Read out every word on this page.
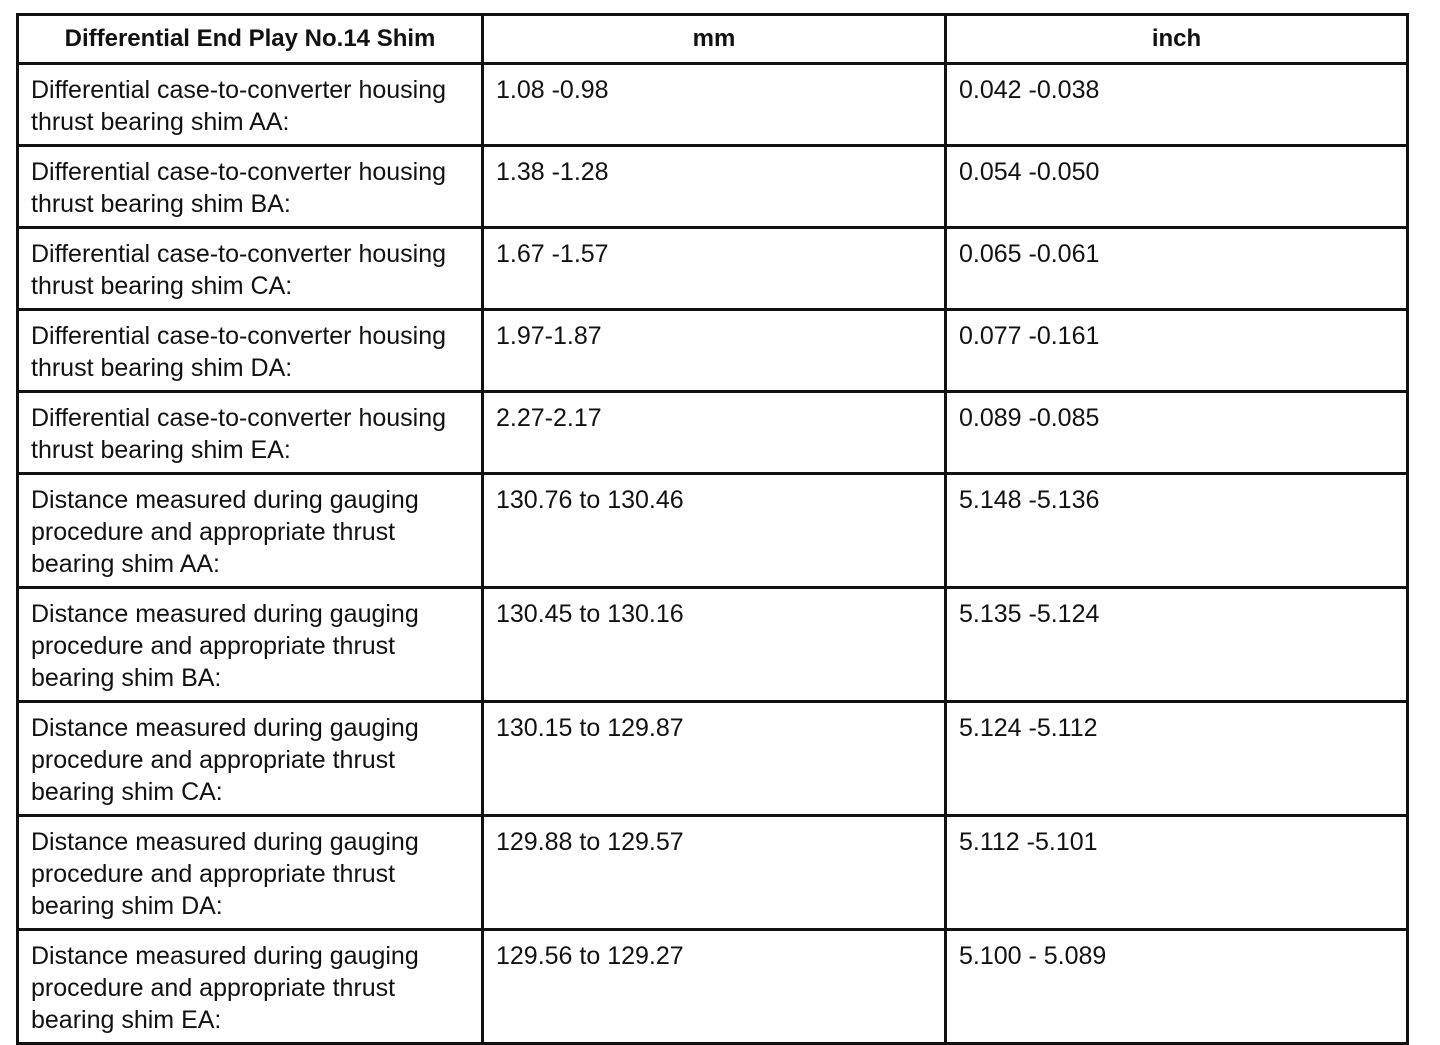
Differential End Play No.14 Shim	mm	inch
Differential case-to-converter housing thrust bearing shim AA:	1.08 -0.98	0.042 -0.038
Differential case-to-converter housing thrust bearing shim BA:	1.38 -1.28	0.054 -0.050
Differential case-to-converter housing thrust bearing shim CA:	1.67 -1.57	0.065 -0.061
Differential case-to-converter housing thrust bearing shim DA:	1.97-1.87	0.077 -0.161
Differential case-to-converter housing thrust bearing shim EA:	2.27-2.17	0.089 -0.085
Distance measured during gauging procedure and appropriate thrust bearing shim AA:	130.76 to 130.46	5.148 -5.136
Distance measured during gauging procedure and appropriate thrust bearing shim BA:	130.45 to 130.16	5.135 -5.124
Distance measured during gauging procedure and appropriate thrust bearing shim CA:	130.15 to 129.87	5.124 -5.112
Distance measured during gauging procedure and appropriate thrust bearing shim DA:	129.88 to 129.57	5.112 -5.101
Distance measured during gauging procedure and appropriate thrust bearing shim EA:	129.56 to 129.27	5.100 - 5.089
